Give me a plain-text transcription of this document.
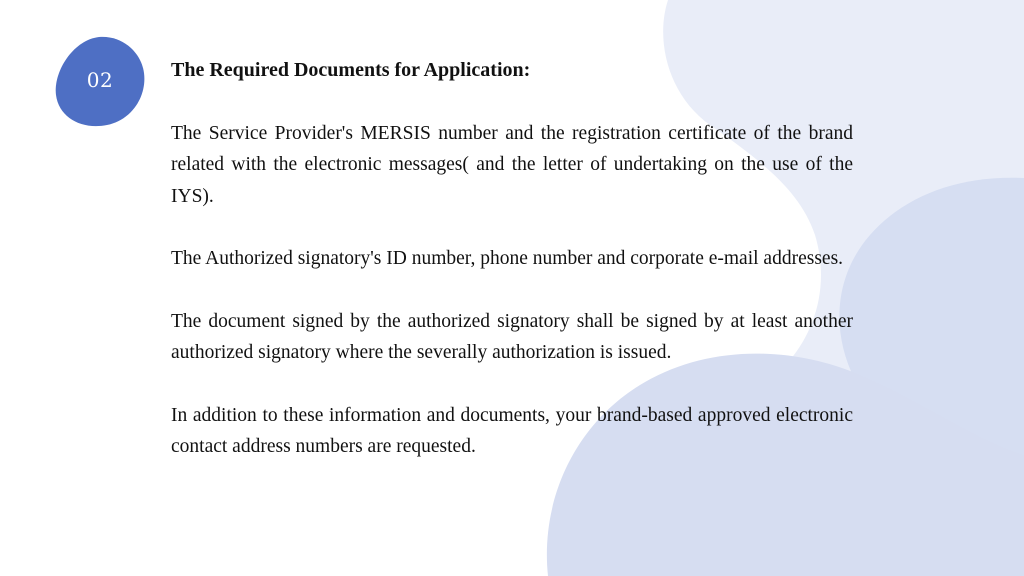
02	The Required Documents for Application:

The Service Provider's MERSIS number and the registration certificate of the brand related with the electronic messages( and the letter of undertaking on the use of the IYS).

The Authorized signatory's ID number, phone number and corporate e-mail addresses.

The document signed by the authorized signatory shall be signed by at least another authorized signatory where the severally authorization is issued.

In addition to these information and documents, your brand-based approved electronic contact address numbers are requested.
